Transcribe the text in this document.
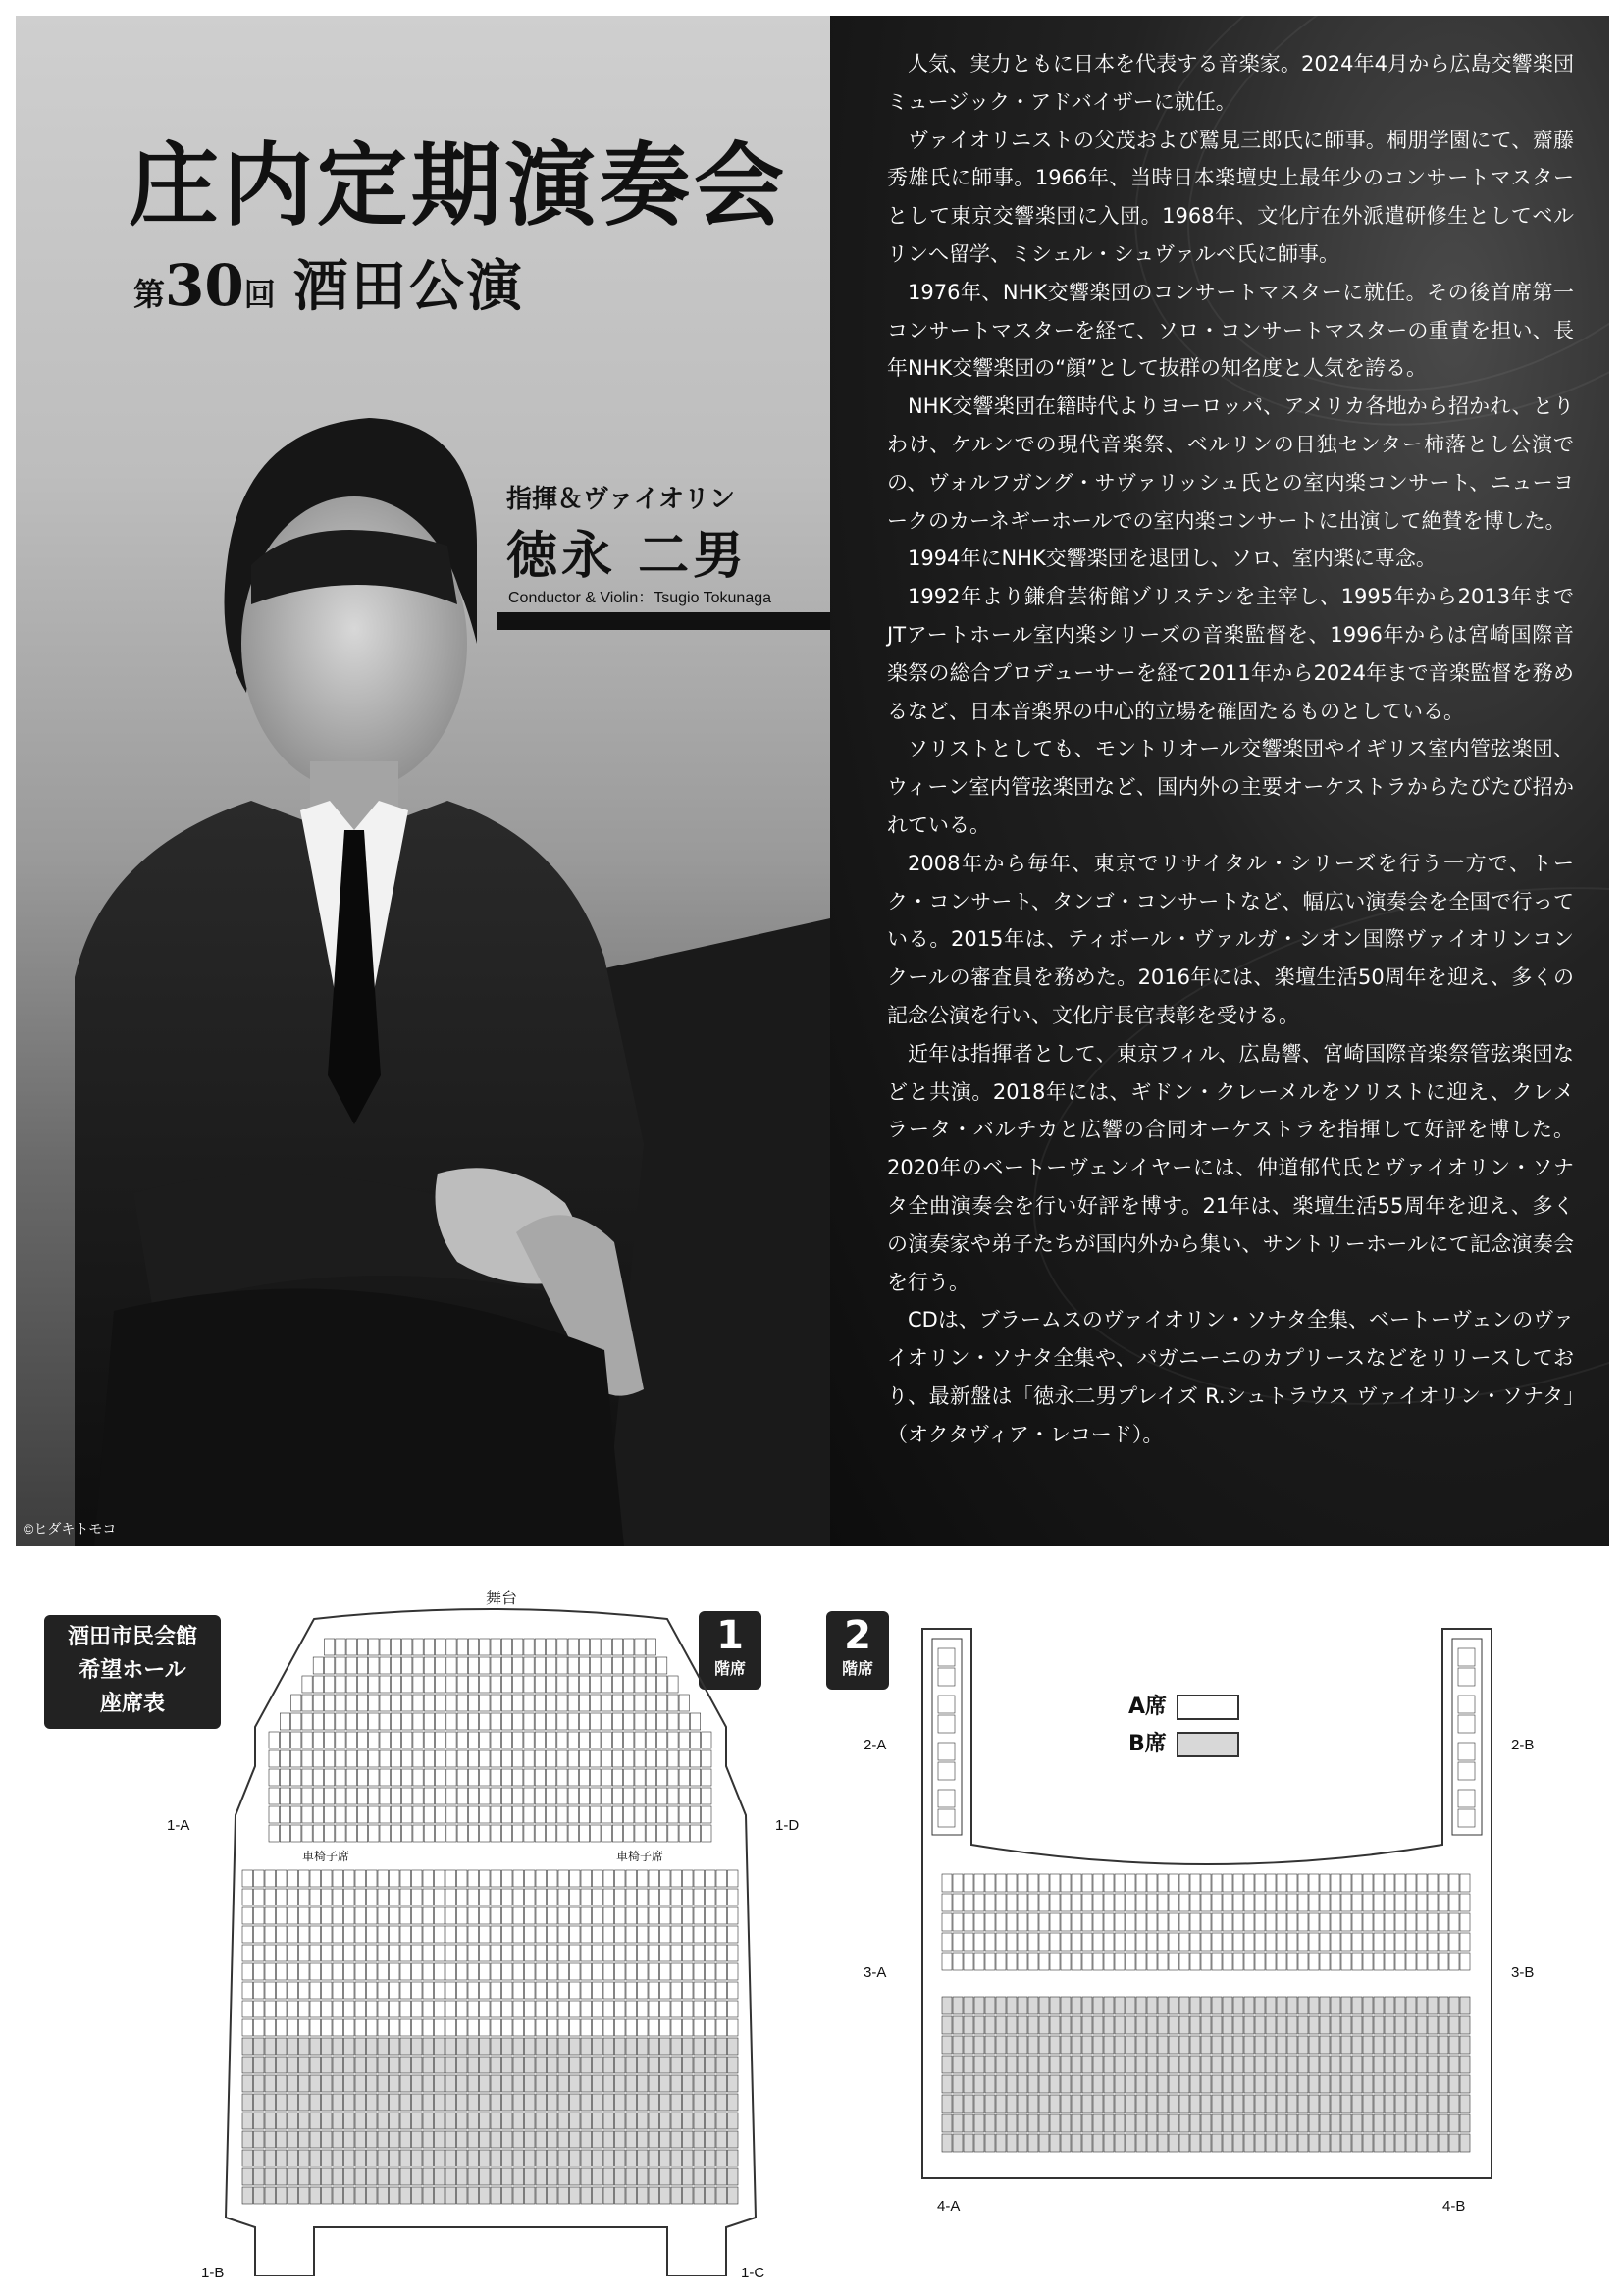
人気、実力ともに日本を代表する音楽家。2024年4月から広島交響楽団ミュージック・アドバイザーに就任。

ヴァイオリニストの父茂および鷲見三郎氏に師事。桐朋学園にて、齋藤秀雄氏に師事。1966年、当時日本楽壇史上最年少のコンサートマスターとして東京交響楽団に入団。1968年、文化庁在外派遣研修生としてベルリンへ留学、ミシェル・シュヴァルベ氏に師事。

1976年、NHK交響楽団のコンサートマスターに就任。その後首席第一コンサートマスターを経て、ソロ・コンサートマスターの重責を担い、長年NHK交響楽団の“顔”として抜群の知名度と人気を誇る。

NHK交響楽団在籍時代よりヨーロッパ、アメリカ各地から招かれ、とりわけ、ケルンでの現代音楽祭、ベルリンの日独センター柿落とし公演での、ヴォルフガング・サヴァリッシュ氏との室内楽コンサート、ニューヨークのカーネギーホールでの室内楽コンサートに出演して絶賛を博した。

1994年にNHK交響楽団を退団し、ソロ、室内楽に専念。

1992年より鎌倉芸術館ゾリステンを主宰し、1995年から2013年までJTアートホール室内楽シリーズの音楽監督を、1996年からは宮崎国際音楽祭の総合プロデューサーを経て2011年から2024年まで音楽監督を務めるなど、日本音楽界の中心的立場を確固たるものとしている。

ソリストとしても、モントリオール交響楽団やイギリス室内管弦楽団、ウィーン室内管弦楽団など、国内外の主要オーケストラからたびたび招かれている。

2008年から毎年、東京でリサイタル・シリーズを行う一方で、トーク・コンサート、タンゴ・コンサートなど、幅広い演奏会を全国で行っている。2015年は、ティボール・ヴァルガ・シオン国際ヴァイオリンコンクールの審査員を務めた。2016年には、楽壇生活50周年を迎え、多くの記念公演を行い、文化庁長官表彰を受ける。

近年は指揮者として、東京フィル、広島響、宮崎国際音楽祭管弦楽団などと共演。2018年には、ギドン・クレーメルをソリストに迎え、クレメラータ・バルチカと広響の合同オーケストラを指揮して好評を博した。2020年のベートーヴェンイヤーには、仲道郁代氏とヴァイオリン・ソナタ全曲演奏会を行い好評を博す。21年は、楽壇生活55周年を迎え、多くの演奏家や弟子たちが国内外から集い、サントリーホールにて記念演奏会を行う。

CDは、ブラームスのヴァイオリン・ソナタ全集、ベートーヴェンのヴァイオリン・ソナタ全集や、パガニーニのカプリースなどをリリースしており、最新盤は「徳永二男プレイズ R.シュトラウス ヴァイオリン・ソナタ」（オクタヴィア・レコード）。

庄内定期演奏会
第30回 酒田公演
指揮＆ヴァイオリン
徳永 二男
Conductor & Violin：Tsugio Tokunaga
©ヒダキトモコ
酒田市民会館
希望ホール
座席表
1
階席
2
階席
舞台
車椅子席	車椅子席
1-A	1-D
1-B	1-C
A席
B席
2-A	2-B
3-A	3-B
4-A	4-B
